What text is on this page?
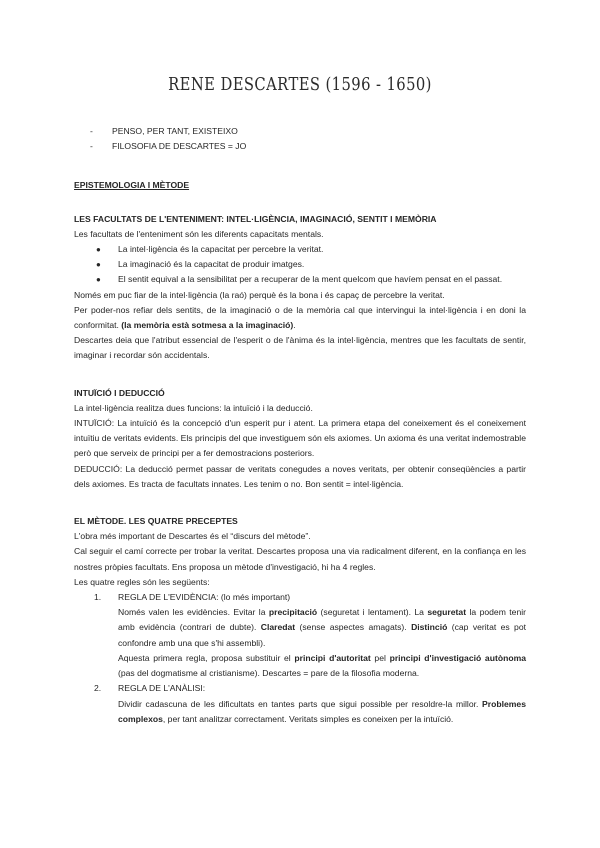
RENE DESCARTES (1596 - 1650)
- PENSO, PER TANT, EXISTEIXO
- FILOSOFIA DE DESCARTES = JO
EPISTEMOLOGIA I MÈTODE
LES FACULTATS DE L'ENTENIMENT: INTEL·LIGÈNCIA, IMAGINACIÓ, SENTIT I MEMÒRIA
Les facultats de l'enteniment són les diferents capacitats mentals.
● La intel·ligència és la capacitat per percebre la veritat.
● La imaginació és la capacitat de produir imatges.
● El sentit equival a la sensibilitat per a recuperar de la ment quelcom que havíem pensat en el passat.
Només em puc fiar de la intel·ligència (la raó) perquè és la bona i és capaç de percebre la veritat.
Per poder-nos refiar dels sentits, de la imaginació o de la memòria cal que intervingui la intel·ligència i en doni la conformitat. (la memòria està sotmesa a la imaginació).
Descartes deia que l'atribut essencial de l'esperit o de l'ànima és la intel·ligència, mentres que les facultats de sentir, imaginar i recordar són accidentals.
INTUÏCIÓ I DEDUCCIÓ
La intel·ligència realitza dues funcions: la intuïció i la deducció.
INTUÏCIÓ: La intuïció és la concepció d'un esperit pur i atent. La primera etapa del coneixement és el coneixement intuïtiu de veritats evidents. Els principis del que investiguem són els axiomes. Un axioma és una veritat indemostrable però que serveix de principi per a fer demostracions posteriors.
DEDUCCIÓ: La deducció permet passar de veritats conegudes a noves veritats, per obtenir conseqüències a partir dels axiomes. Es tracta de facultats innates. Les tenim o no. Bon sentit = intel·ligència.
EL MÈTODE. LES QUATRE PRECEPTES
L'obra més important de Descartes és el “discurs del mètode”.
Cal seguir el camí correcte per trobar la veritat. Descartes proposa una via radicalment diferent, en la confiança en les nostres pròpies facultats. Ens proposa un mètode d'investigació, hi ha 4 regles.
Les quatre regles són les següents:
1. REGLA DE L'EVIDÈNCIA: (lo més important)
Només valen les evidències. Evitar la precipitació (seguretat i lentament). La seguretat la podem tenir amb evidència (contrari de dubte). Claredat (sense aspectes amagats). Distinció (cap veritat es pot confondre amb una que s'hi assembli).
Aquesta primera regla, proposa substituir el principi d'autoritat pel principi d'investigació autònoma (pas del dogmatisme al cristianisme). Descartes = pare de la filosofia moderna.
2. REGLA DE L'ANÀLISI:
Dividir cadascuna de les dificultats en tantes parts que sigui possible per resoldre-la millor. Problemes complexos, per tant analitzar correctament. Veritats simples es coneixen per la intuïció.
